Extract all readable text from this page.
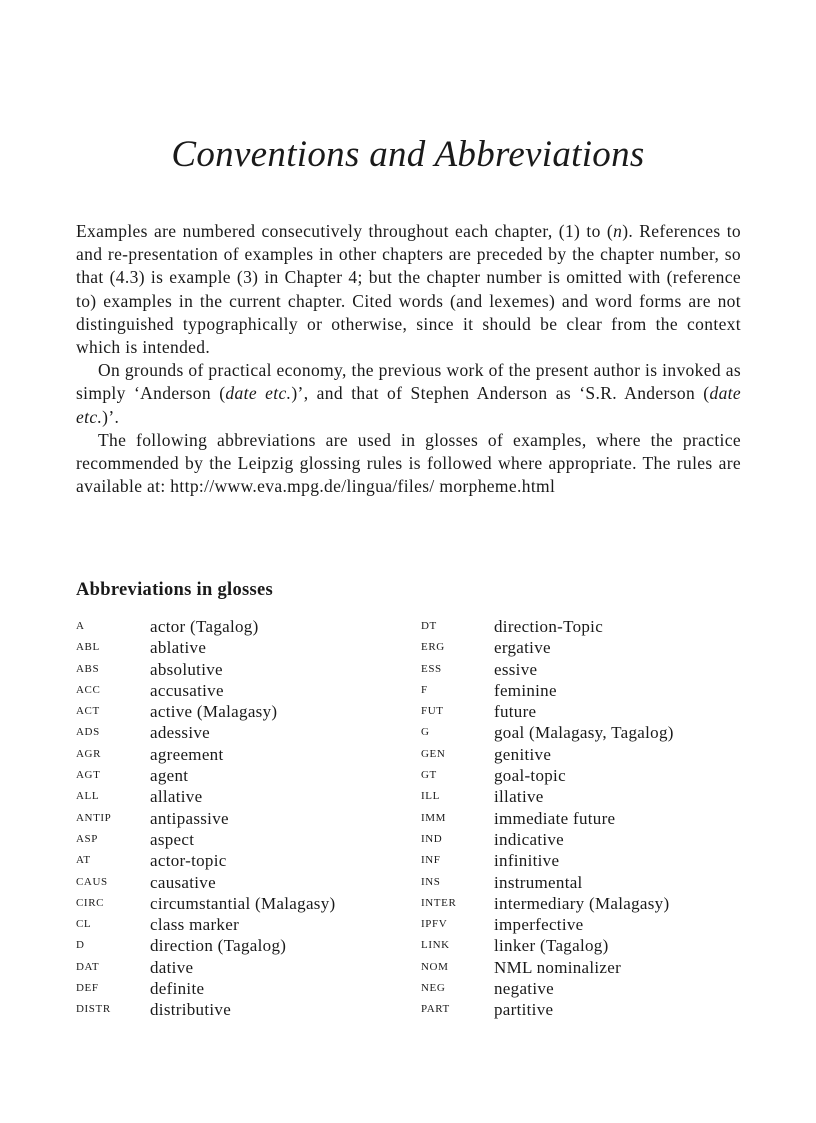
Conventions and Abbreviations

Examples are numbered consecutively throughout each chapter, (1) to (n). References to and re-presentation of examples in other chapters are preceded by the chapter number, so that (4.3) is example (3) in Chapter 4; but the chapter number is omitted with (reference to) examples in the current chapter. Cited words (and lexemes) and word forms are not distinguished typographically or otherwise, since it should be clear from the context which is intended.

On grounds of practical economy, the previous work of the present author is invoked as simply ‘Anderson (date etc.)’, and that of Stephen Anderson as ‘S.R. Anderson (date etc.)’.

The following abbreviations are used in glosses of examples, where the practice recommended by the Leipzig glossing rules is followed where appropriate. The rules are available at: http://www.eva.mpg.de/lingua/files/ morpheme.html

Abbreviations in glosses
A	actor (Tagalog)
ABL	ablative
ABS	absolutive
ACC	accusative
ACT	active (Malagasy)
ADS	adessive
AGR	agreement
AGT	agent
ALL	allative
ANTIP antipassive
ASP	aspect
AT	actor-topic
CAUS causative
CIRC	circumstantial (Malagasy)
CL	class marker
D	direction (Tagalog)
DAT	dative
DEF	definite
DISTR distributive
DT	direction-Topic
ERG	ergative
ESS	essive
F	feminine
FUT	future
G	goal (Malagasy, Tagalog)
GEN	genitive
GT	goal-topic
ILL	illative
IMM	immediate future
IND	indicative
INF	infinitive
INS	instrumental
INTER intermediary (Malagasy)
IPFV	imperfective
LINK	linker (Tagalog)
NOM	NML nominalizer
NEG	negative
PART	partitive
